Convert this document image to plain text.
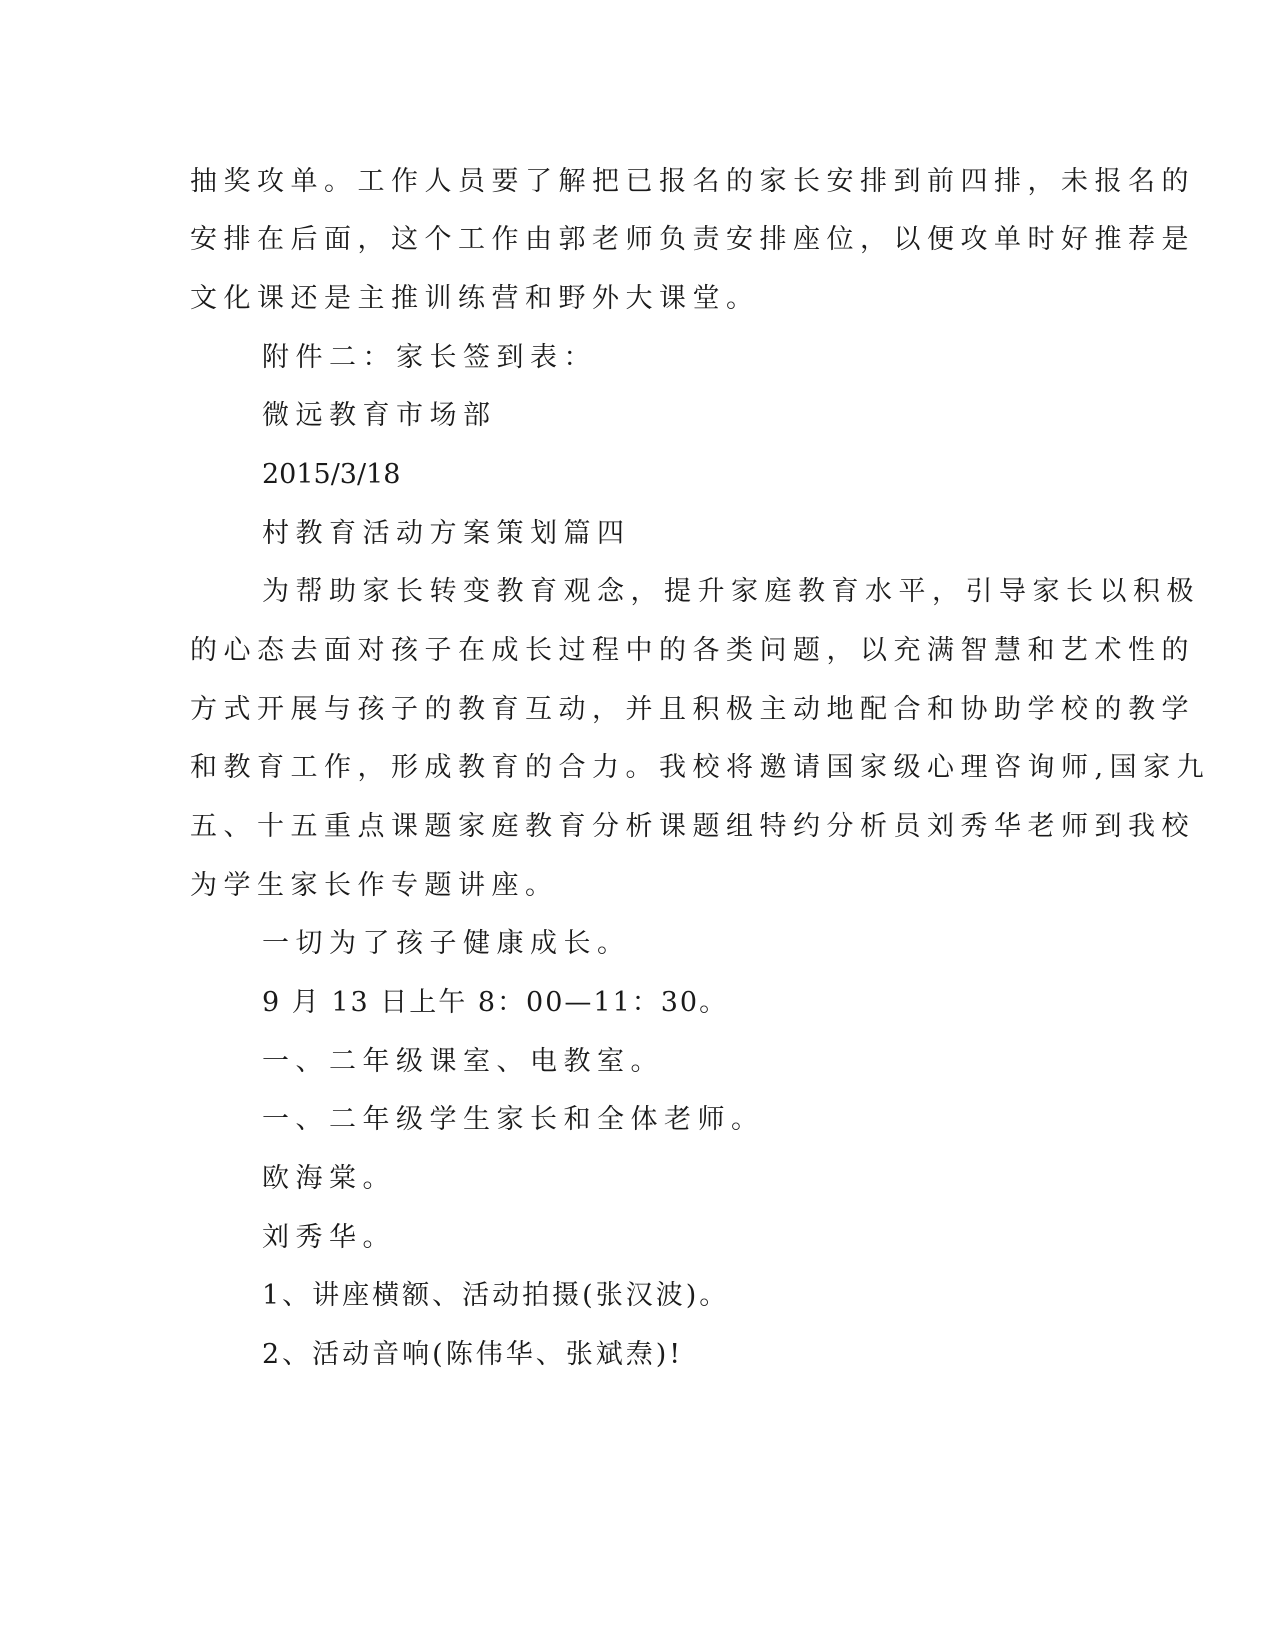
抽奖攻单。工作人员要了解把已报名的家长安排到前四排，未报名的
安排在后面，这个工作由郭老师负责安排座位，以便攻单时好推荐是
文化课还是主推训练营和野外大课堂。
附件二：家长签到表：
微远教育市场部
2015/3/18
村教育活动方案策划篇四
为帮助家长转变教育观念，提升家庭教育水平，引导家长以积极
的心态去面对孩子在成长过程中的各类问题，以充满智慧和艺术性的
方式开展与孩子的教育互动，并且积极主动地配合和协助学校的教学
和教育工作，形成教育的合力。我校将邀请国家级心理咨询师,国家九
五、十五重点课题家庭教育分析课题组特约分析员刘秀华老师到我校
为学生家长作专题讲座。
一切为了孩子健康成长。
9 月 13 日上午 8：00—11：30。
一、二年级课室、电教室。
一、二年级学生家长和全体老师。
欧海棠。
刘秀华。
1、讲座横额、活动拍摄(张汉波)。
2、活动音响(陈伟华、张斌焘)!
